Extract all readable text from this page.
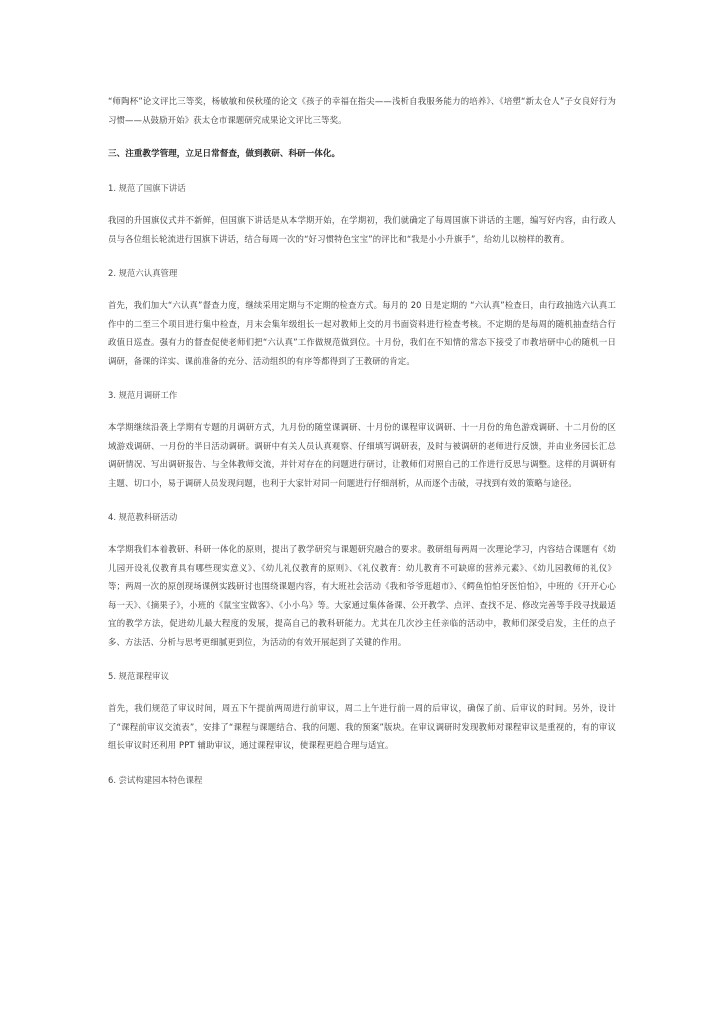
“师陶杯”论文评比三等奖，杨敏敏和侯秋瑾的论文《孩子的幸福在指尖——浅析自我服务能力的培养》、《培塑“新太仓人”子女良好行为习惯——从鼓励开始》获太仓市课题研究成果论文评比三等奖。

三、注重教学管理，立足日常督查，做到教研、科研一体化。

1. 规范了国旗下讲话

我园的升国旗仪式并不新鲜，但国旗下讲话是从本学期开始，在学期初，我们就确定了每周国旗下讲话的主题，编写好内容，由行政人员与各位组长轮流进行国旗下讲话，结合每周一次的“好习惯特色宝宝”的评比和“我是小小升旗手”，给幼儿以榜样的教育。

2. 规范六认真管理

首先，我们加大“六认真”督查力度，继续采用定期与不定期的检查方式。每月的 20 日是定期的 “六认真”检查日，由行政抽选六认真工作中的二至三个项目进行集中检查，月末会集年级组长一起对教师上交的月书面资料进行检查考核。不定期的是每周的随机抽查结合行政值日巡查。强有力的督查促使老师们把“六认真”工作做规范做到位。十月份，我们在不知情的常态下接受了市教培研中心的随机一日调研，备课的详实、课前准备的充分、活动组织的有序等都得到了王教研的肯定。

3. 规范月调研工作

本学期继续沿袭上学期有专题的月调研方式，九月份的随堂课调研、十月份的课程审议调研、十一月份的角色游戏调研、十二月份的区域游戏调研、一月份的半日活动调研。调研中有关人员认真观察、仔细填写调研表，及时与被调研的老师进行反馈，并由业务园长汇总调研情况、写出调研报告、与全体教师交流，并针对存在的问题进行研讨，让教师们对照自己的工作进行反思与调整。这样的月调研有主题、切口小，易于调研人员发现问题，也利于大家针对同一问题进行仔细剖析，从而逐个击破，寻找到有效的策略与途径。

4. 规范教科研活动

本学期我们本着教研、科研一体化的原则，提出了教学研究与课题研究融合的要求。教研组每两周一次理论学习，内容结合课题有《幼儿园开设礼仪教育具有哪些现实意义》、《幼儿礼仪教育的原则》、《礼仪教育：幼儿教育不可缺席的营养元素》、《幼儿园教师的礼仪》等；两周一次的原创现场课例实践研讨也围绕课题内容，有大班社会活动《我和爷爷逛超市》、《鳄鱼怕怕牙医怕怕》，中班的《开开心心每一天》、《摘果子》，小班的《鼠宝宝做客》、《小小鸟》等。大家通过集体备课、公开教学、点评、查找不足、修改完善等手段寻找最适宜的教学方法，促进幼儿最大程度的发展，提高自己的教科研能力。尤其在几次沙主任亲临的活动中，教师们深受启发，主任的点子多、方法活、分析与思考更细腻更到位，为活动的有效开展起到了关键的作用。

5. 规范课程审议

首先，我们规范了审议时间，周五下午提前两周进行前审议，周二上午进行前一周的后审议，确保了前、后审议的时间。另外，设计了“课程前审议交流表”，安排了“课程与课题结合、我的问题、我的预案”版块。在审议调研时发现教师对课程审议是重视的，有的审议组长审议时还利用 PPT 辅助审议，通过课程审议，使课程更趋合理与适宜。

6. 尝试构建园本特色课程
